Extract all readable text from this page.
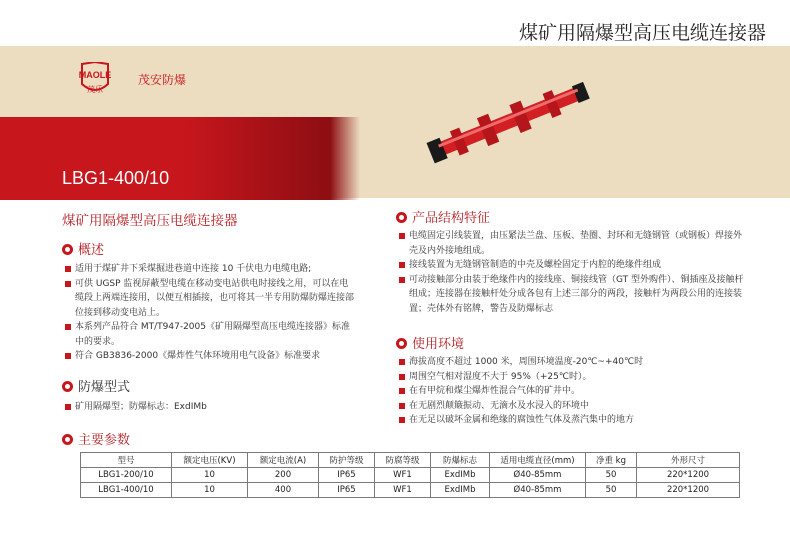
煤矿用隔爆型高压电缆连接器
MAOLE
茂乐
茂安防爆
LBG1-400/10
煤矿用隔爆型高压电缆连接器
概述
适用于煤矿井下采煤掘进巷道中连接 10 千伏电力电缆电路;
可供 UGSP 监视屏蔽型电缆在移动变电站供电时接线之用，可以在电缆段上两端连接用，以便互相插接，也可将其一半专用防爆防爆连接部位接到移动变电站上。
本系列产品符合 MT/T947-2005《矿用隔爆型高压电缆连接器》标准中的要求。
符合 GB3836-2000《爆炸性气体环境用电气设备》标准要求
防爆型式
矿用隔爆型；防爆标志：ExdIMb
产品结构特征
电缆固定引线装置，由压紧法兰盘、压板、垫圈、封环和无缝钢管（或钢板）焊接外壳及内外接地组成。
接线装置为无缝钢管制造的中壳及螺栓固定于内腔的绝缘件组成
可动接触部分由装于绝缘件内的接线座、铜接线管（GT 型外购件）、铜插座及接触杆组成；连接器在接触杆处分成各包有上述三部分的两段，接触杆为两段公用的连接装置；壳体外有铭牌，警告及防爆标志
使用环境
海拔高度不超过 1000 米，周围环境温度-20℃~+40℃时
周围空气相对湿度不大于 95%（+25℃时）。
在有甲烷和煤尘爆炸性混合气体的矿井中。
在无剧烈颠簸振动、无滴水及水浸入的环境中
在无足以破坏金属和绝缘的腐蚀性气体及蒸汽集中的地方
主要参数
型号	额定电压(KV)	额定电流(A)	防护等级	防腐等级	防爆标志	适用电缆直径(mm)	净重 kg	外形尺寸
LBG1-200/10	10	200	IP65	WF1	ExdIMb	Ø40-85mm	50	220*1200
LBG1-400/10	10	400	IP65	WF1	ExdIMb	Ø40-85mm	50	220*1200
